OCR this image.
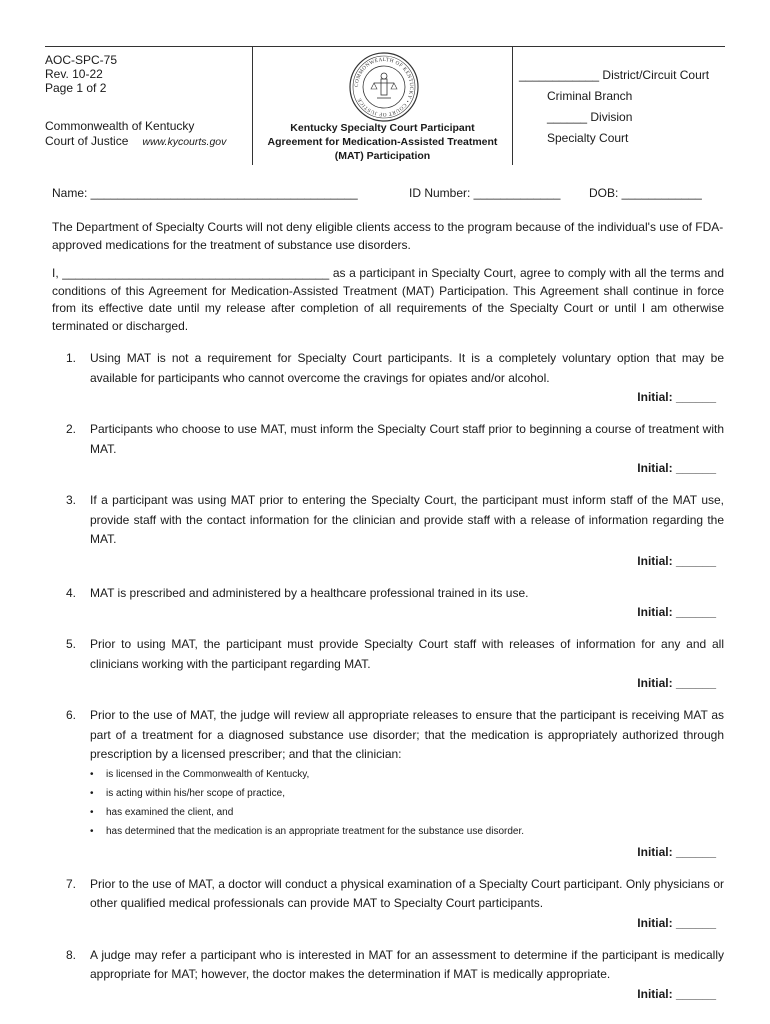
AOC-SPC-75
Rev. 10-22
Page 1 of 2
Commonwealth of Kentucky
Court of Justice www.kycourts.gov
COMMONWEALTH OF KENTUCKY • COURT OF JUSTICE
Kentucky Specialty Court Participant
Agreement for Medication-Assisted Treatment
(MAT) Participation
____________ District/Circuit Court
Criminal Branch
______ Division
Specialty Court
Name: ________________________________________	ID Number: _____________ DOB: ____________
The Department of Specialty Courts will not deny eligible clients access to the program because of the individual's use of FDA-approved medications for the treatment of substance use disorders.
I, ________________________________________ as a participant in Specialty Court, agree to comply with all the terms and conditions of this Agreement for Medication-Assisted Treatment (MAT) Participation. This Agreement shall continue in force from its effective date until my release after completion of all requirements of the Specialty Court or until I am otherwise terminated or discharged.
1. Using MAT is not a requirement for Specialty Court participants. It is a completely voluntary option that may be available for participants who cannot overcome the cravings for opiates and/or alcohol.
Initial: ______
2. Participants who choose to use MAT, must inform the Specialty Court staff prior to beginning a course of treatment with MAT.
Initial: ______
3. If a participant was using MAT prior to entering the Specialty Court, the participant must inform staff of the MAT use, provide staff with the contact information for the clinician and provide staff with a release of information regarding the MAT.
Initial: ______
4. MAT is prescribed and administered by a healthcare professional trained in its use.
Initial: ______
5. Prior to using MAT, the participant must provide Specialty Court staff with releases of information for any and all clinicians working with the participant regarding MAT.
Initial: ______
6. Prior to the use of MAT, the judge will review all appropriate releases to ensure that the participant is receiving MAT as part of a treatment for a diagnosed substance use disorder; that the medication is appropriately authorized through prescription by a licensed prescriber; and that the clinician:
• is licensed in the Commonwealth of Kentucky,
• is acting within his/her scope of practice,
• has examined the client, and
• has determined that the medication is an appropriate treatment for the substance use disorder.
Initial: ______
7. Prior to the use of MAT, a doctor will conduct a physical examination of a Specialty Court participant. Only physicians or other qualified medical professionals can provide MAT to Specialty Court participants.
Initial: ______
8. A judge may refer a participant who is interested in MAT for an assessment to determine if the participant is medically appropriate for MAT; however, the doctor makes the determination if MAT is medically appropriate.
Initial: ______
